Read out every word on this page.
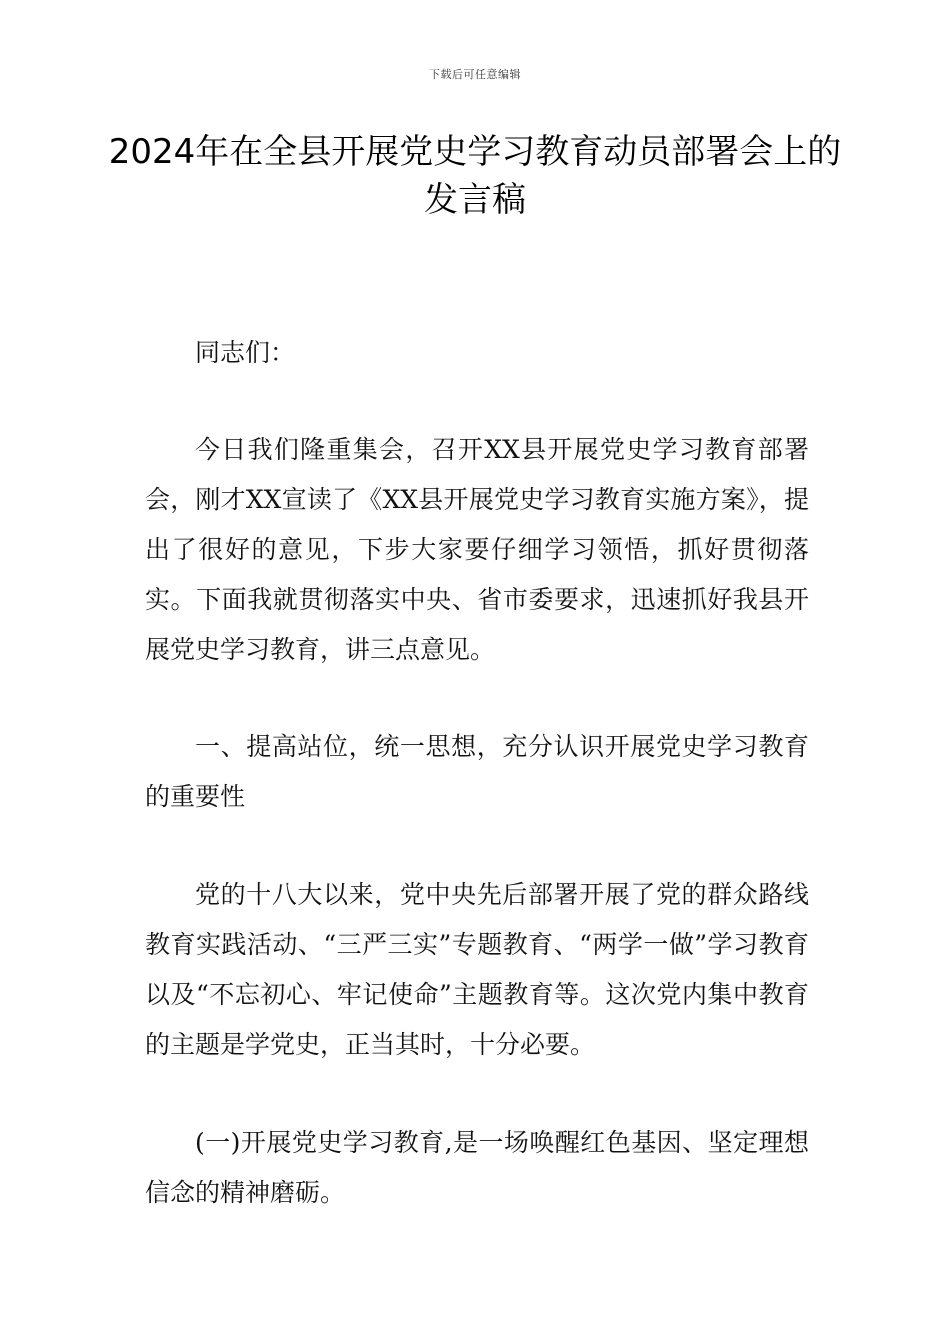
下载后可任意编辑
2024年在全县开展党史学习教育动员部署会上的发言稿

同志们：

今日我们隆重集会，召开XX县开展党史学习教育部署会，刚才XX宣读了《XX县开展党史学习教育实施方案》，提出了很好的意见，下步大家要仔细学习领悟，抓好贯彻落实。下面我就贯彻落实中央、省市委要求，迅速抓好我县开展党史学习教育，讲三点意见。

一、提高站位，统一思想，充分认识开展党史学习教育的重要性

党的十八大以来，党中央先后部署开展了党的群众路线教育实践活动、“三严三实”专题教育、“两学一做”学习教育以及“不忘初心、牢记使命”主题教育等。这次党内集中教育的主题是学党史，正当其时，十分必要。

(一)开展党史学习教育,是一场唤醒红色基因、坚定理想信念的精神磨砺。
